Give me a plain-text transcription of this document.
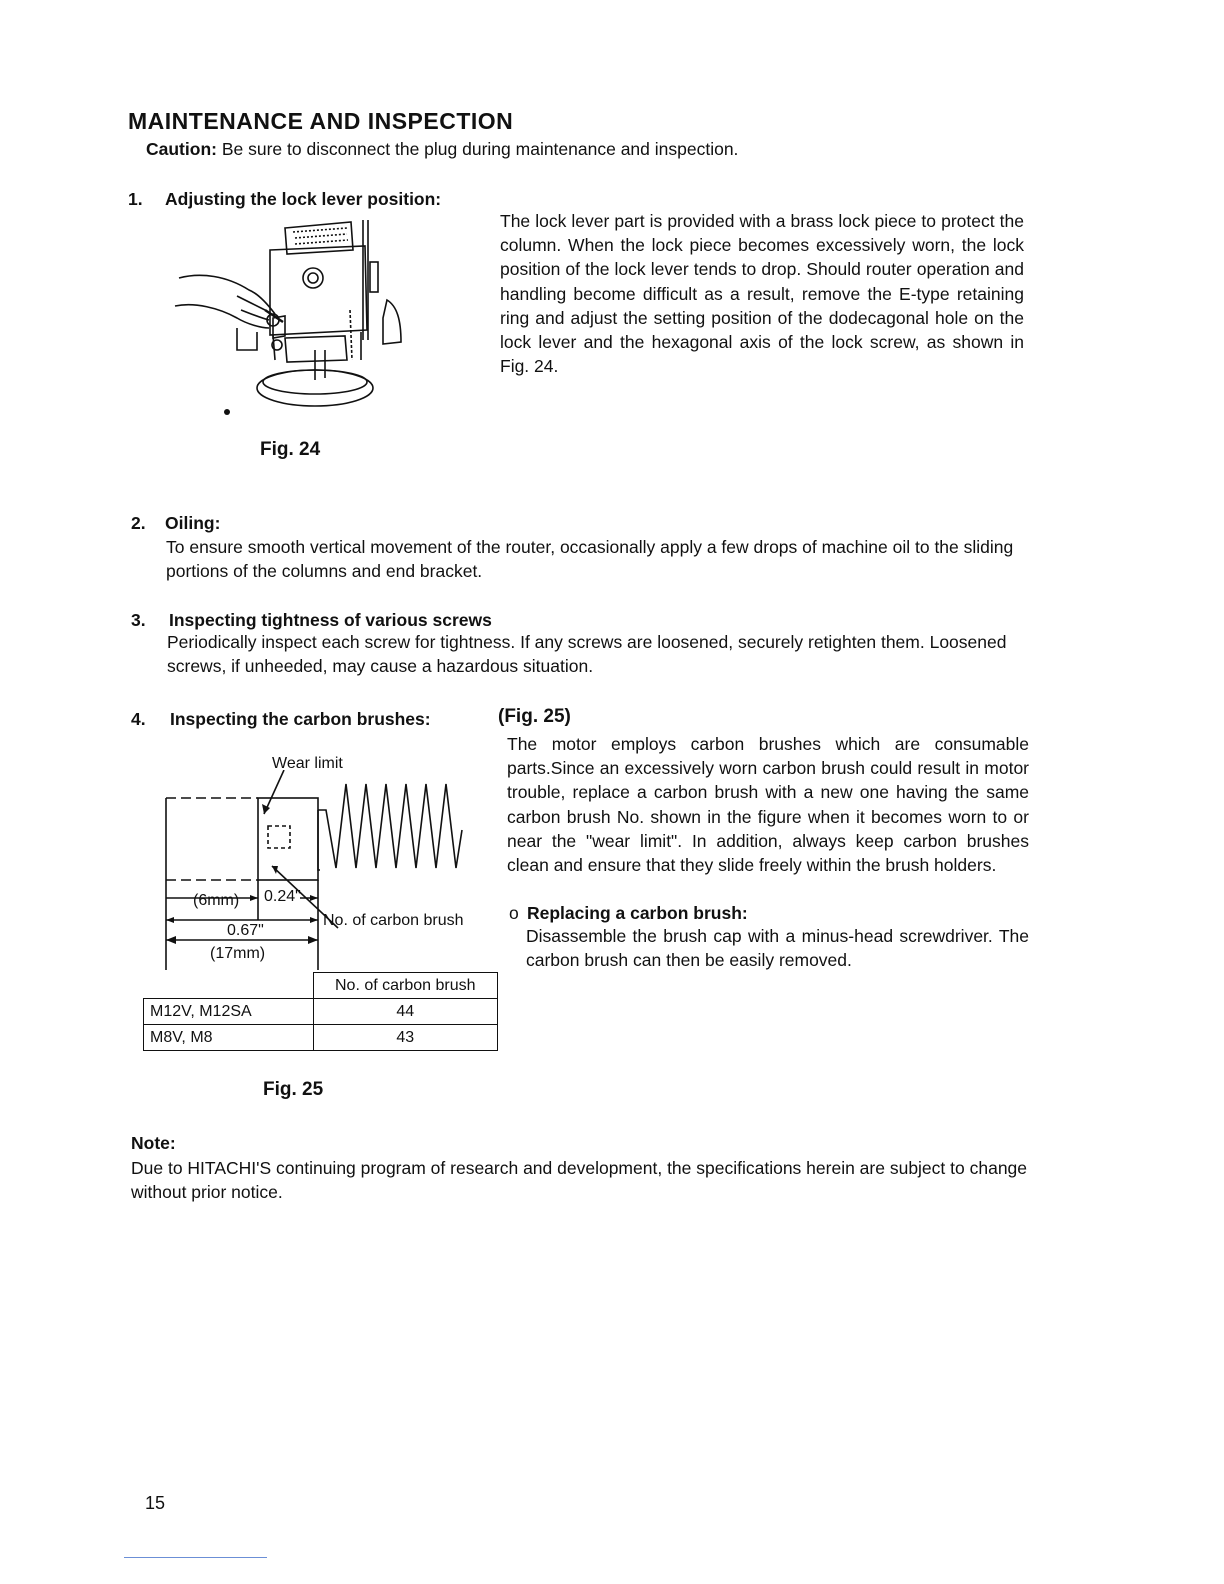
MAINTENANCE AND INSPECTION
Caution: Be sure to disconnect the plug during maintenance and inspection.
1. Adjusting the lock lever position:
The lock lever part is provided with a brass lock piece to protect the column. When the lock piece becomes excessively worn, the lock position of the lock lever tends to drop. Should router operation and handling become difficult as a result, remove the E-type retaining ring and adjust the setting position of the dodecagonal hole on the lock lever and the hexagonal axis of the lock screw, as shown in Fig. 24.
Fig. 24
2. Oiling:
To ensure smooth vertical movement of the router, occasionally apply a few drops of machine oil to the sliding portions of the columns and end bracket.
3. Inspecting tightness of various screws
Periodically inspect each screw for tightness. If any screws are loosened, securely retighten them. Loosened screws, if unheeded, may cause a hazardous situation.
4. Inspecting the carbon brushes:	(Fig. 25)
The motor employs carbon brushes which are consumable parts.Since an excessively worn carbon brush could result in motor trouble, replace a carbon brush with a new one having the same carbon brush No. shown in the figure when it becomes worn to or near the "wear limit". In addition, always keep carbon brushes clean and ensure that they slide freely within the brush holders.
o Replacing a carbon brush:
Disassemble the brush cap with a minus-head screwdriver. The carbon brush can then be easily removed.
Wear limit
(6mm) 0.24"
0.67"
(17mm)
No. of carbon brush
	No. of carbon brush
M12V, M12SA	44
M8V, M8	43
Fig. 25
Note:
Due to HITACHI'S continuing program of research and development, the specifications herein are subject to change without prior notice.
15
